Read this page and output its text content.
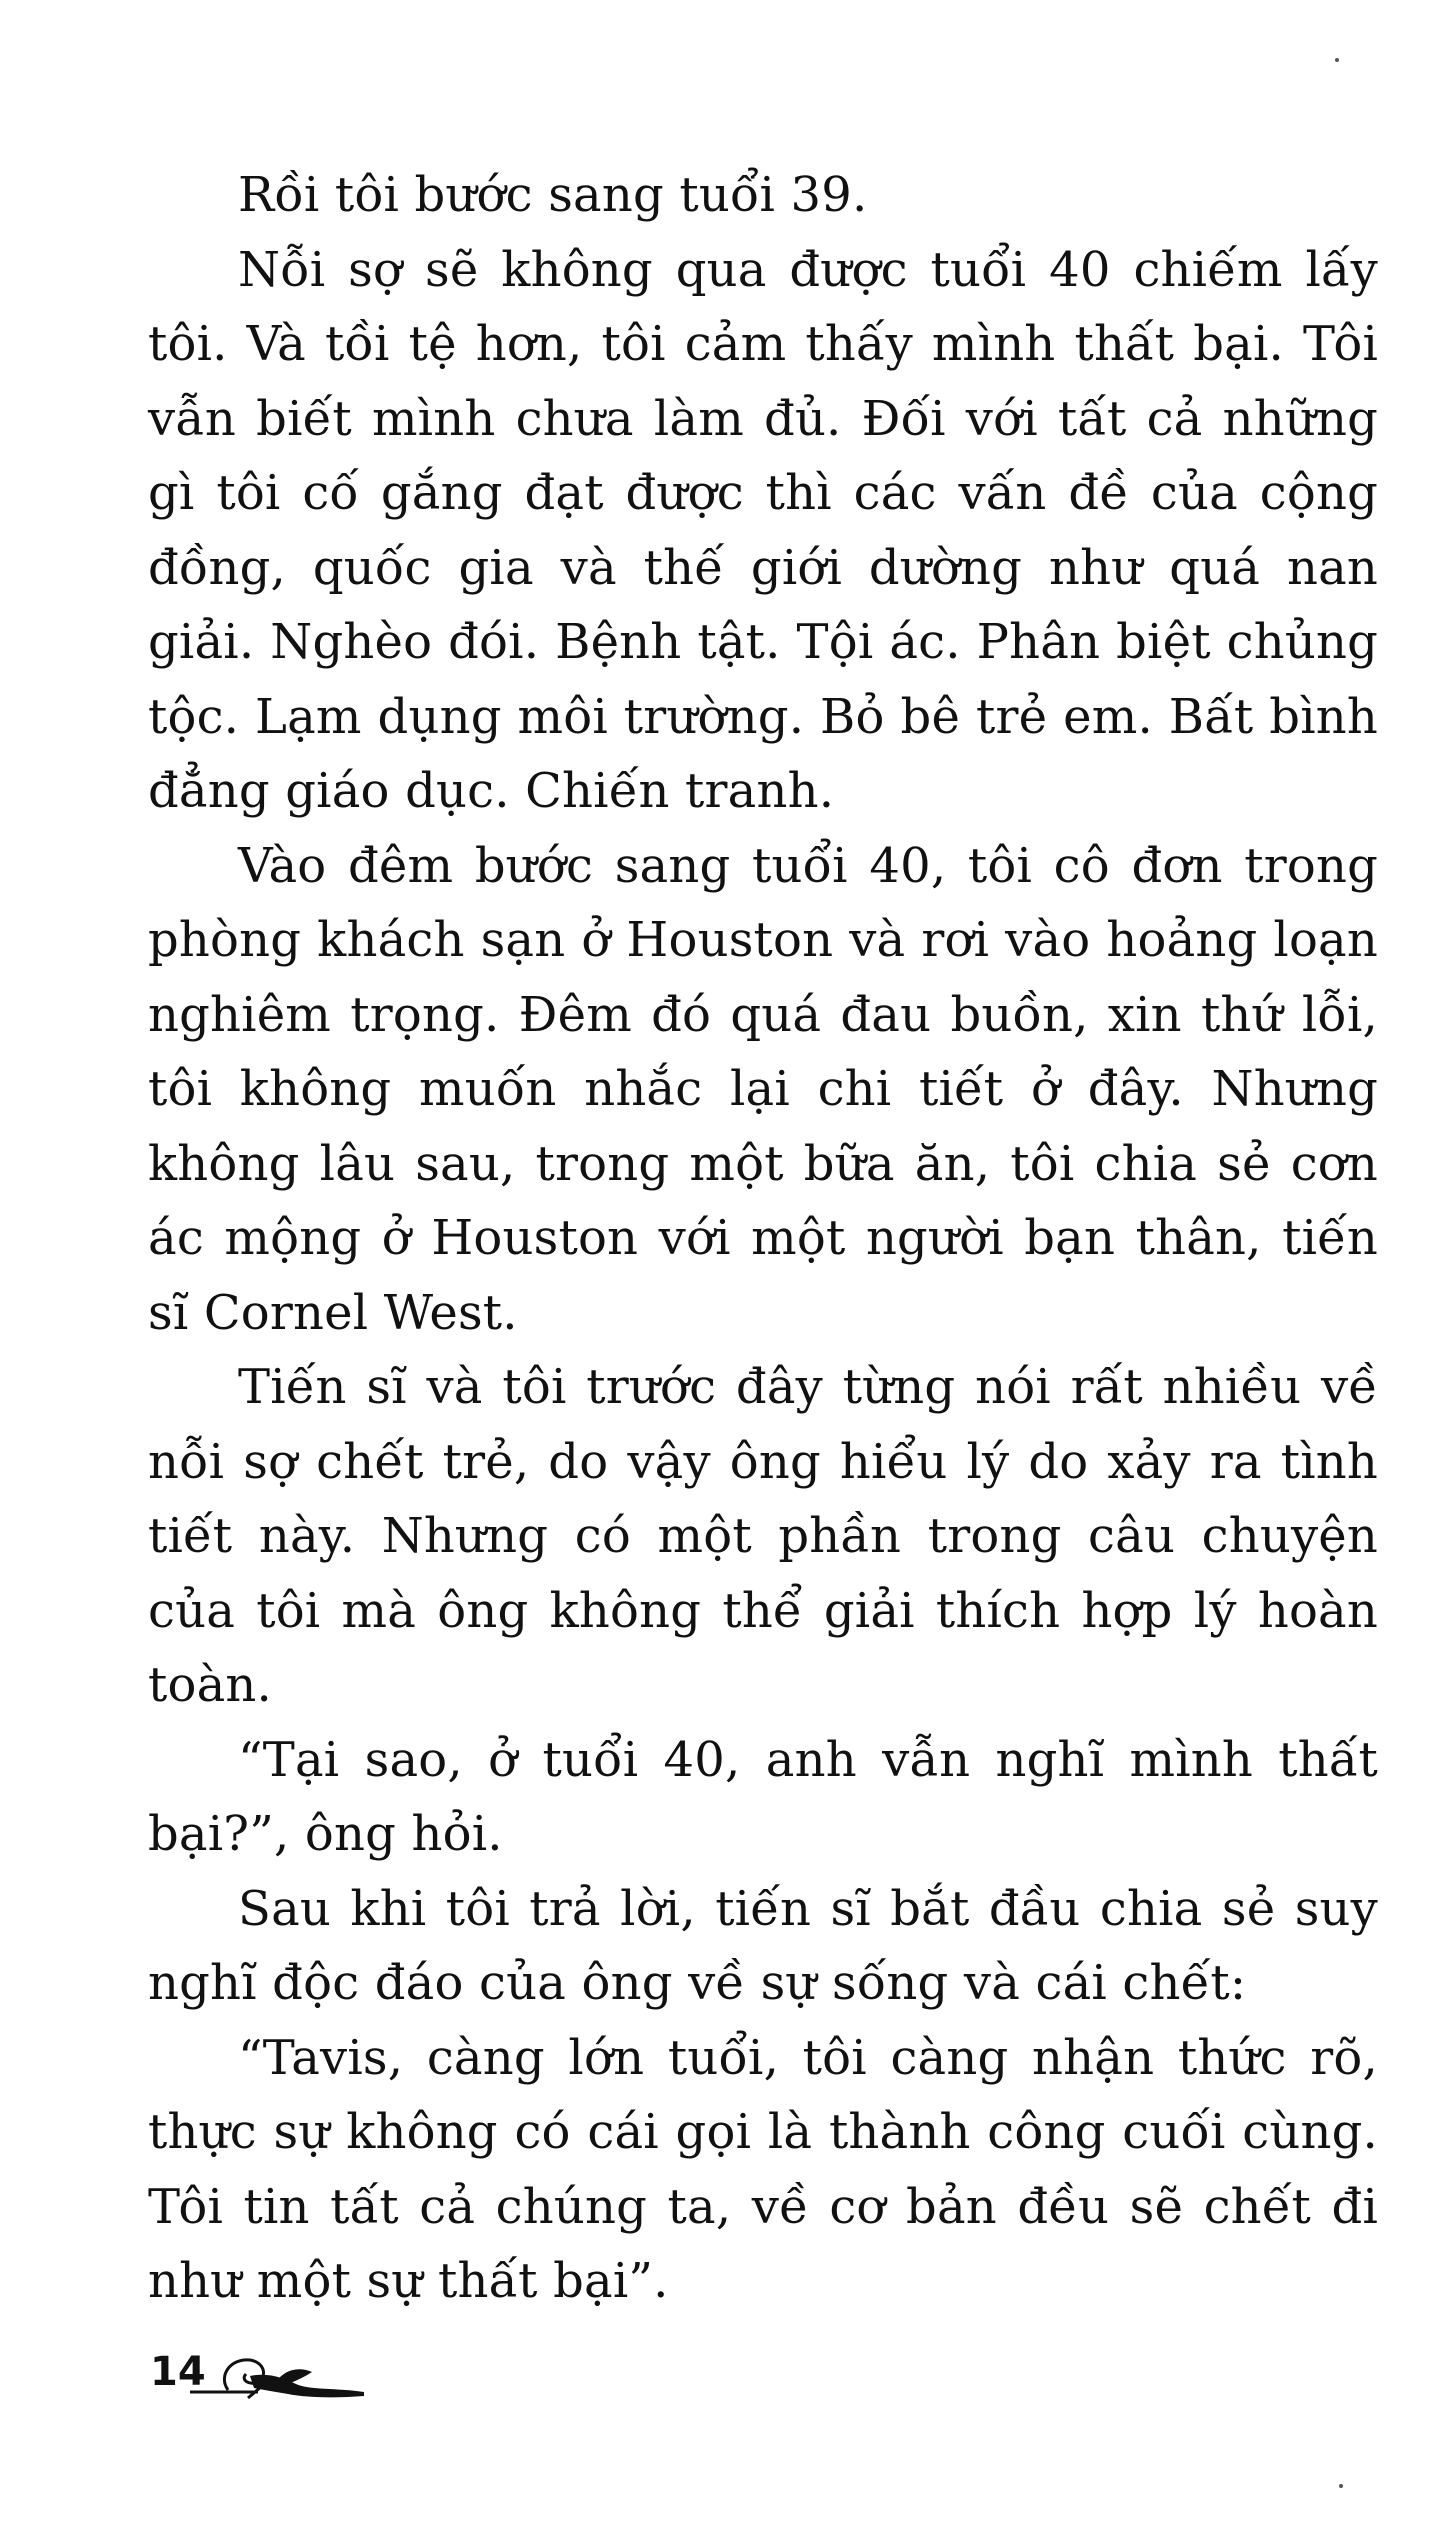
Rồi tôi bước sang tuổi 39.

Nỗi sợ sẽ không qua được tuổi 40 chiếm lấy tôi. Và tồi tệ hơn, tôi cảm thấy mình thất bại. Tôi vẫn biết mình chưa làm đủ. Đối với tất cả những gì tôi cố gắng đạt được thì các vấn đề của cộng đồng, quốc gia và thế giới dường như quá nan giải. Nghèo đói. Bệnh tật. Tội ác. Phân biệt chủng tộc. Lạm dụng môi trường. Bỏ bê trẻ em. Bất bình đẳng giáo dục. Chiến tranh.

Vào đêm bước sang tuổi 40, tôi cô đơn trong phòng khách sạn ở Houston và rơi vào hoảng loạn nghiêm trọng. Đêm đó quá đau buồn, xin thứ lỗi, tôi không muốn nhắc lại chi tiết ở đây. Nhưng không lâu sau, trong một bữa ăn, tôi chia sẻ cơn ác mộng ở Houston với một người bạn thân, tiến sĩ Cornel West.

Tiến sĩ và tôi trước đây từng nói rất nhiều về nỗi sợ chết trẻ, do vậy ông hiểu lý do xảy ra tình tiết này. Nhưng có một phần trong câu chuyện của tôi mà ông không thể giải thích hợp lý hoàn toàn.

“Tại sao, ở tuổi 40, anh vẫn nghĩ mình thất bại?”, ông hỏi.

Sau khi tôi trả lời, tiến sĩ bắt đầu chia sẻ suy nghĩ độc đáo của ông về sự sống và cái chết:

“Tavis, càng lớn tuổi, tôi càng nhận thức rõ, thực sự không có cái gọi là thành công cuối cùng. Tôi tin tất cả chúng ta, về cơ bản đều sẽ chết đi như một sự thất bại”.

14
